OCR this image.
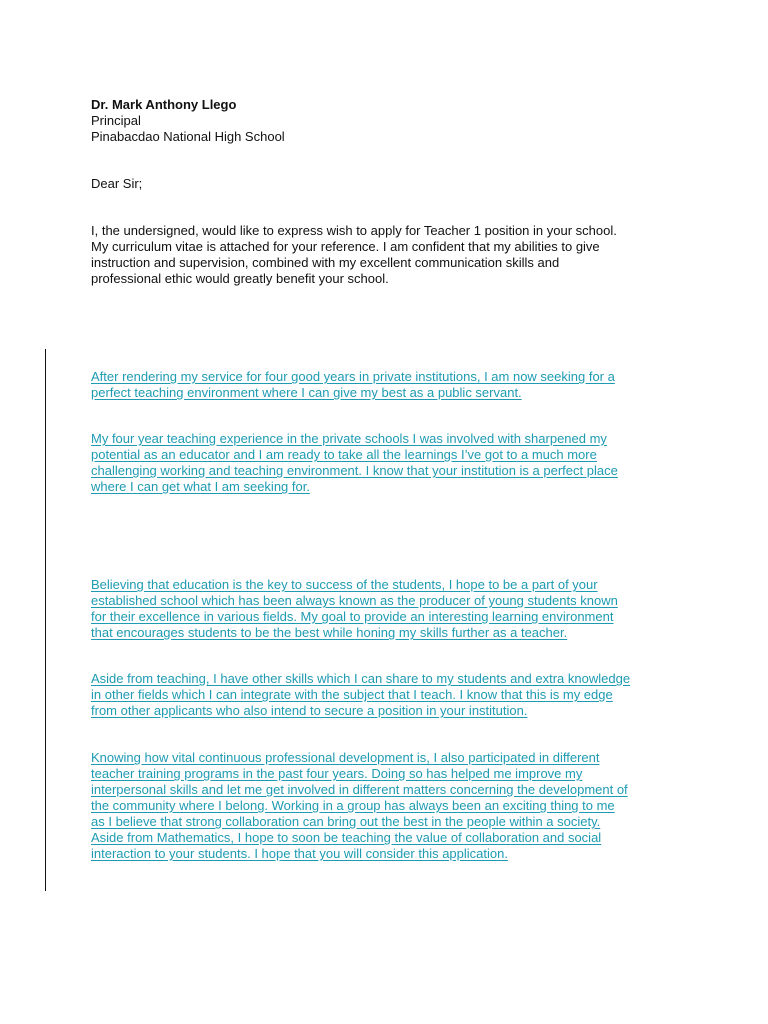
Dr. Mark Anthony Llego
Principal
Pinabacdao National High School
Dear Sir;
I, the undersigned, would like to express wish to apply for Teacher 1 position in your school.
My curriculum vitae is attached for your reference. I am confident that my abilities to give
instruction and supervision, combined with my excellent communication skills and
professional ethic would greatly benefit your school.
After rendering my service for four good years in private institutions, I am now seeking for a
perfect teaching environment where I can give my best as a public servant.
My four year teaching experience in the private schools I was involved with sharpened my
potential as an educator and I am ready to take all the learnings I’ve got to a much more
challenging working and teaching environment. I know that your institution is a perfect place
where I can get what I am seeking for.
Believing that education is the key to success of the students, I hope to be a part of your
established school which has been always known as the producer of young students known
for their excellence in various fields. My goal to provide an interesting learning environment
that encourages students to be the best while honing my skills further as a teacher.
Aside from teaching, I have other skills which I can share to my students and extra knowledge
in other fields which I can integrate with the subject that I teach. I know that this is my edge
from other applicants who also intend to secure a position in your institution.
Knowing how vital continuous professional development is, I also participated in different
teacher training programs in the past four years. Doing so has helped me improve my
interpersonal skills and let me get involved in different matters concerning the development of
the community where I belong. Working in a group has always been an exciting thing to me
as I believe that strong collaboration can bring out the best in the people within a society.
Aside from Mathematics, I hope to soon be teaching the value of collaboration and social
interaction to your students. I hope that you will consider this application.
